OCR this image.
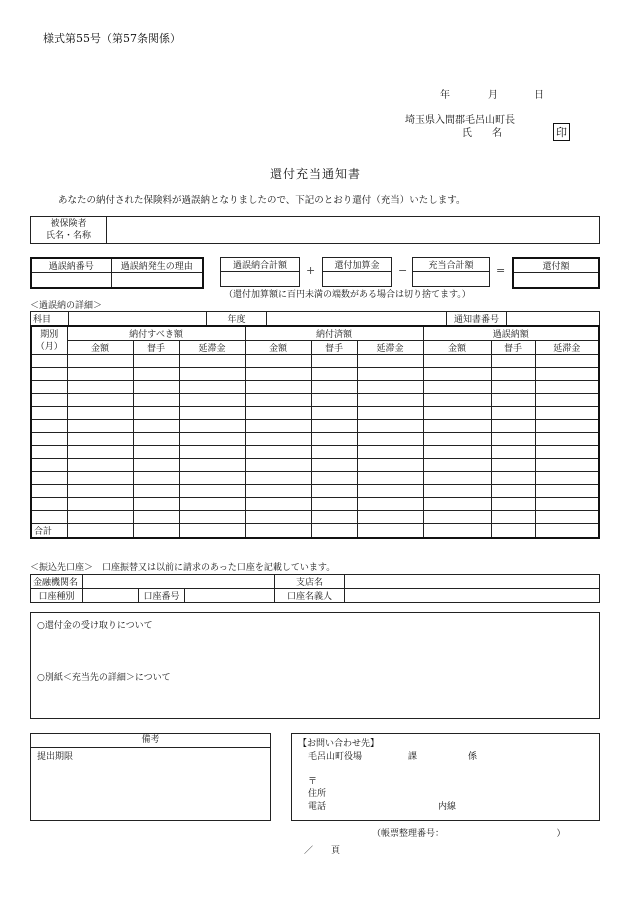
様式第55号（第57条関係）
年	月	日
埼玉県入間郡毛呂山町長
氏　　名	印
還付充当通知書
あなたの納付された保険料が過誤納となりましたので、下記のとおり還付（充当）いたします。
被保険者
氏名・名称

過誤納番号	過誤納発生の理由
		過誤納合計額 + 還付加算金 − 充当合計額 =	還付額

（還付加算額に百円未満の端数がある場合は切り捨てます。）
＜過誤納の詳細＞
科目		年度		通知書番号	
期別
（月）	納付すべき額			納付済額			過誤納額		
	金額	督手	延滞金	金額	督手	延滞金	金額	督手	延滞金

合計									
＜振込先口座＞　口座振替又は以前に請求のあった口座を記載しています。
金融機関名				支店名	
口座種別		口座番号		口座名義人	
○還付金の受け取りについて
○別紙＜充当先の詳細＞について
備考
提出期限
【お問い合わせ先】
毛呂山町役場	課	係
〒
住所
電話	内線
（帳票整理番号：　　　　　　　　　　　　　）
／　　頁
